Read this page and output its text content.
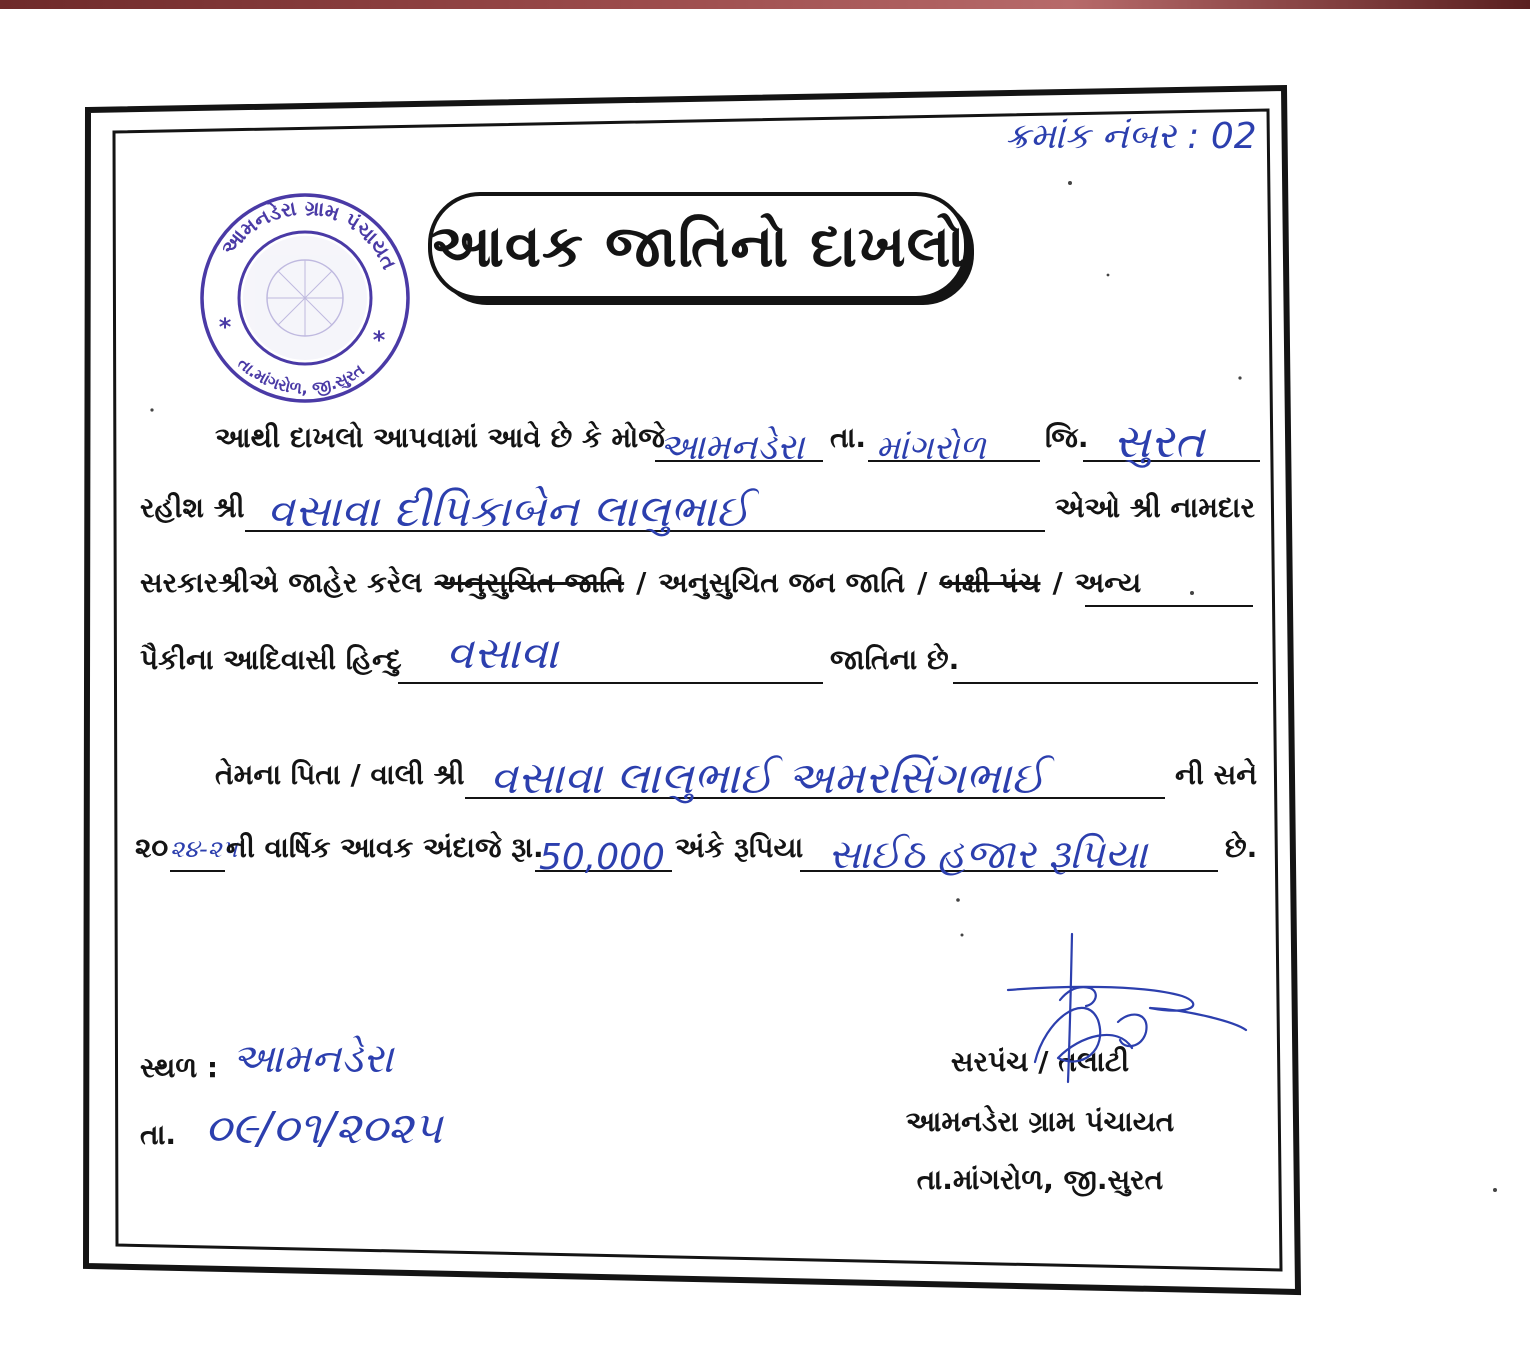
ક્રમાંક નંબર : 02
આવક જાતિનો દાખલો
આમનડેરા ગ્રામ પંચાયત
તા.માંગરોળ, જી.સુરત
*	*
આથી દાખલો આપવામાં આવે છે કે મોજે
આમનડેરા તા. માંગરોળ જિ. સુરત
રહીશ શ્રી વસાવા દીપિકાબેન લાલુભાઈ	એઓ શ્રી નામદાર
સરકારશ્રીએ જાહેર કરેલ અનુસુચિત જાતિ / અનુસુચિત જન જાતિ / બક્ષી પંચ / અન્ય
પૈકીના આદિવાસી હિન્દુ વસાવા	જાતિના છે.
તેમના પિતા / વાલી શ્રી વસાવા લાલુભાઈ અમરસિંગભાઈ	ની સને
૨૦ ૨૪-૨૫
ની વાર્ષિક આવક અંદાજે રૂા.
50,000 અંકે રૂપિયા સાઈઠ હજાર રૂપિયા	છે.
સ્થળ : આમનડેરા
તા. ૦૯/૦૧/૨૦૨૫
સરપંચ / તલાટી
આમનડેરા ગ્રામ પંચાયત
તા.માંગરોળ, જી.સુરત
